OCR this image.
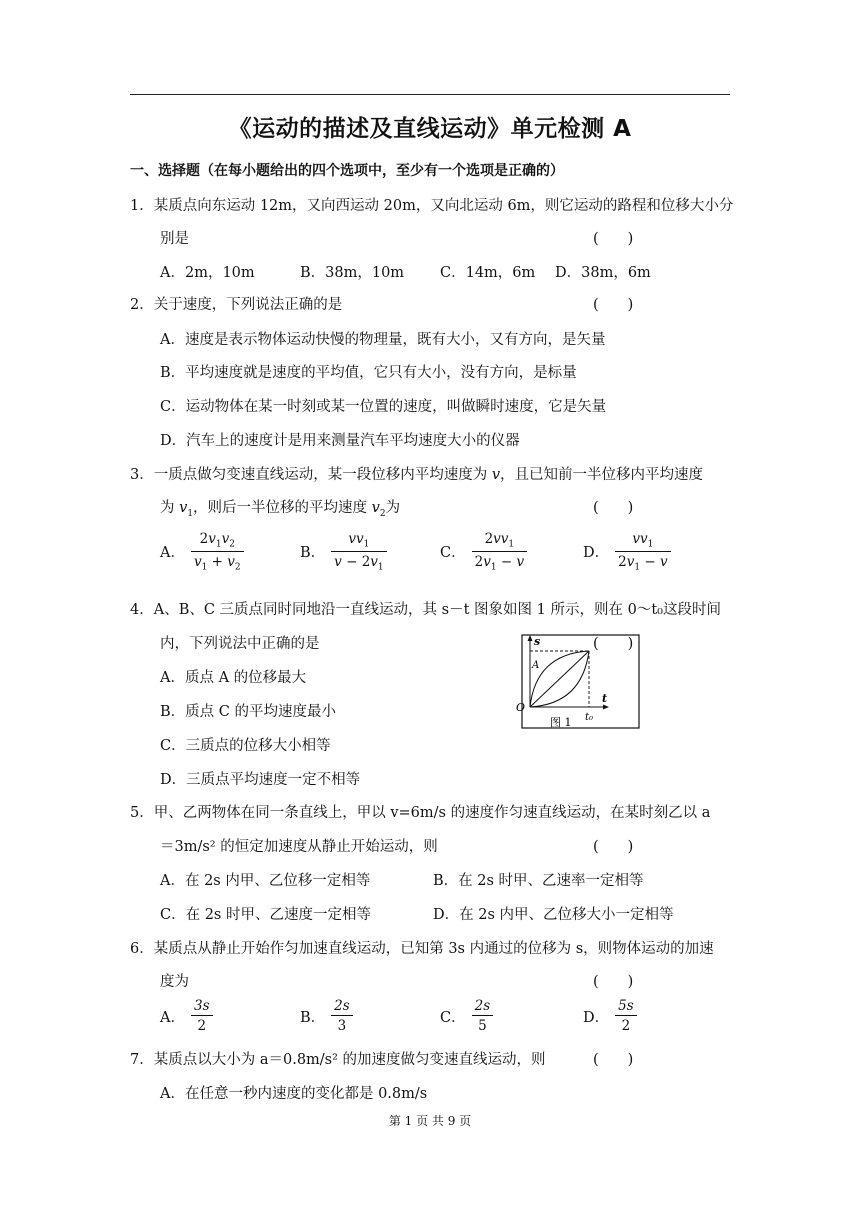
《运动的描述及直线运动》单元检测 A
一、选择题（在每小题给出的四个选项中，至少有一个选项是正确的）
1．某质点向东运动 12m，又向西运动 20m，又向北运动 6m，则它运动的路程和位移大小分
别是	(　　)
A．2m，10m	B．38m，10m C．14m，6m D．38m，6m
2．关于速度，下列说法正确的是	(　　)
A．速度是表示物体运动快慢的物理量，既有大小，又有方向，是矢量
B．平均速度就是速度的平均值，它只有大小，没有方向，是标量
C．运动物体在某一时刻或某一位置的速度，叫做瞬时速度，它是矢量
D．汽车上的速度计是用来测量汽车平均速度大小的仪器
3．一质点做匀变速直线运动，某一段位移内平均速度为 v，且已知前一半位移内平均速度
为 $v_1$，则后一半位移的平均速度 $v_2$为	(　　)
A． $\frac{2v_1v_2}{v_1 + v_2}$	B． $\frac{vv_1}{v - 2v_1}$	C． $\frac{2vv_1}{2v_1 - v}$	D． $\frac{vv_1}{2v_1 - v}$
4．A、B、C 三质点同时同地沿一直线运动，其 s－t 图象如图 1 所示，则在 0～t₀这段时间
内，下列说法中正确的是	(　　)
A．质点 A 的位移最大
B．质点 C 的平均速度最小
C．三质点的位移大小相等
D．三质点平均速度一定不相等
s
A
O
t
t₀
图 1
5．甲、乙两物体在同一条直线上，甲以 v=6m/s 的速度作匀速直线运动，在某时刻乙以 a
＝3m/s² 的恒定加速度从静止开始运动，则	(　　)
A．在 2s 内甲、乙位移一定相等	B．在 2s 时甲、乙速率一定相等
C．在 2s 时甲、乙速度一定相等	D．在 2s 内甲、乙位移大小一定相等
6．某质点从静止开始作匀加速直线运动，已知第 3s 内通过的位移为 s，则物体运动的加速
度为	(　　)
A． $\frac{3s}{2}$	B． $\frac{2s}{3}$	C． $\frac{2s}{5}$	D． $\frac{5s}{2}$
7．某质点以大小为 a＝0.8m/s² 的加速度做匀变速直线运动，则	(　　)
A．在任意一秒内速度的变化都是 0.8m/s
第 1 页 共 9 页
